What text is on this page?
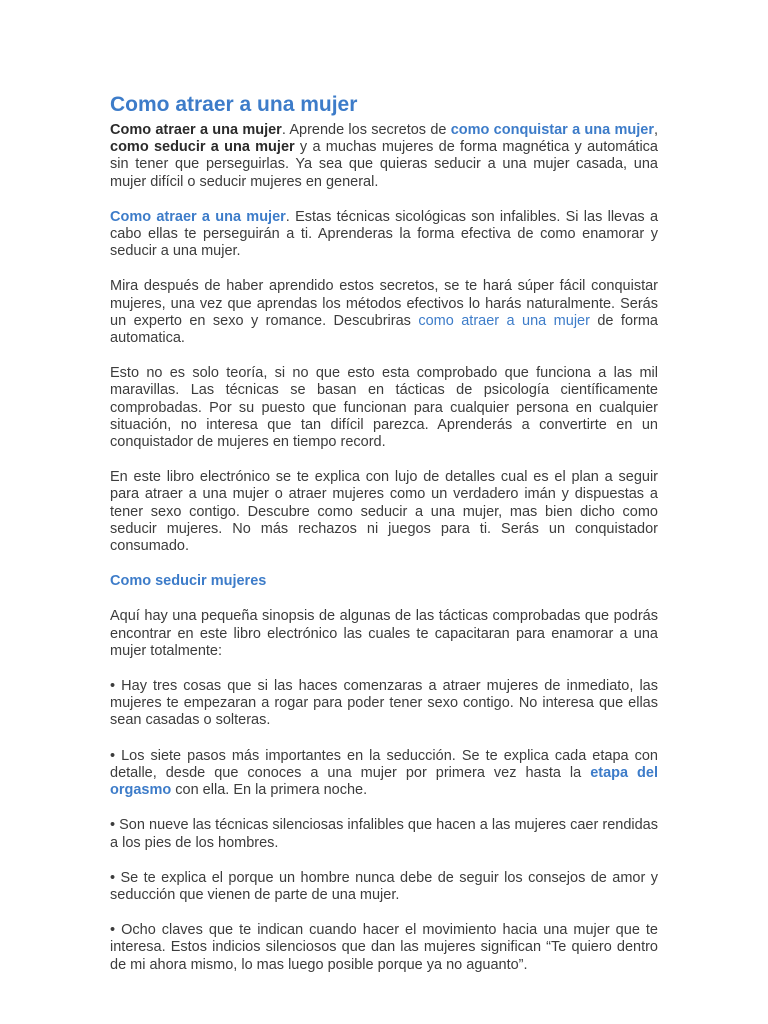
Como atraer a una mujer

Como atraer a una mujer. Aprende los secretos de como conquistar a una mujer, como seducir a una mujer y a muchas mujeres de forma magnética y automática sin tener que perseguirlas. Ya sea que quieras seducir a una mujer casada, una mujer difícil o seducir mujeres en general.

Como atraer a una mujer. Estas técnicas sicológicas son infalibles. Si las llevas a cabo ellas te perseguirán a ti. Aprenderas la forma efectiva de como enamorar y seducir a una mujer.

Mira después de haber aprendido estos secretos, se te hará súper fácil conquistar mujeres, una vez que aprendas los métodos efectivos lo harás naturalmente. Serás un experto en sexo y romance. Descubriras como atraer a una mujer de forma automatica.

Esto no es solo teoría, si no que esto esta comprobado que funciona a las mil maravillas. Las técnicas se basan en tácticas de psicología científicamente comprobadas. Por su puesto que funcionan para cualquier persona en cualquier situación, no interesa que tan difícil parezca. Aprenderás a convertirte en un conquistador de mujeres en tiempo record.

En este libro electrónico se te explica con lujo de detalles cual es el plan a seguir para atraer a una mujer o atraer mujeres como un verdadero imán y dispuestas a tener sexo contigo. Descubre como seducir a una mujer, mas bien dicho como seducir mujeres. No más rechazos ni juegos para ti. Serás un conquistador consumado.

Como seducir mujeres

Aquí hay una pequeña sinopsis de algunas de las tácticas comprobadas que podrás encontrar en este libro electrónico las cuales te capacitaran para enamorar a una mujer totalmente:

• Hay tres cosas que si las haces comenzaras a atraer mujeres de inmediato, las mujeres te empezaran a rogar para poder tener sexo contigo. No interesa que ellas sean casadas o solteras.

• Los siete pasos más importantes en la seducción. Se te explica cada etapa con detalle, desde que conoces a una mujer por primera vez hasta la etapa del orgasmo con ella. En la primera noche.

• Son nueve las técnicas silenciosas infalibles que hacen a las mujeres caer rendidas a los pies de los hombres.

• Se te explica el porque un hombre nunca debe de seguir los consejos de amor y seducción que vienen de parte de una mujer.

• Ocho claves que te indican cuando hacer el movimiento hacia una mujer que te interesa. Estos indicios silenciosos que dan las mujeres significan “Te quiero dentro de mi ahora mismo, lo mas luego posible porque ya no aguanto”.
